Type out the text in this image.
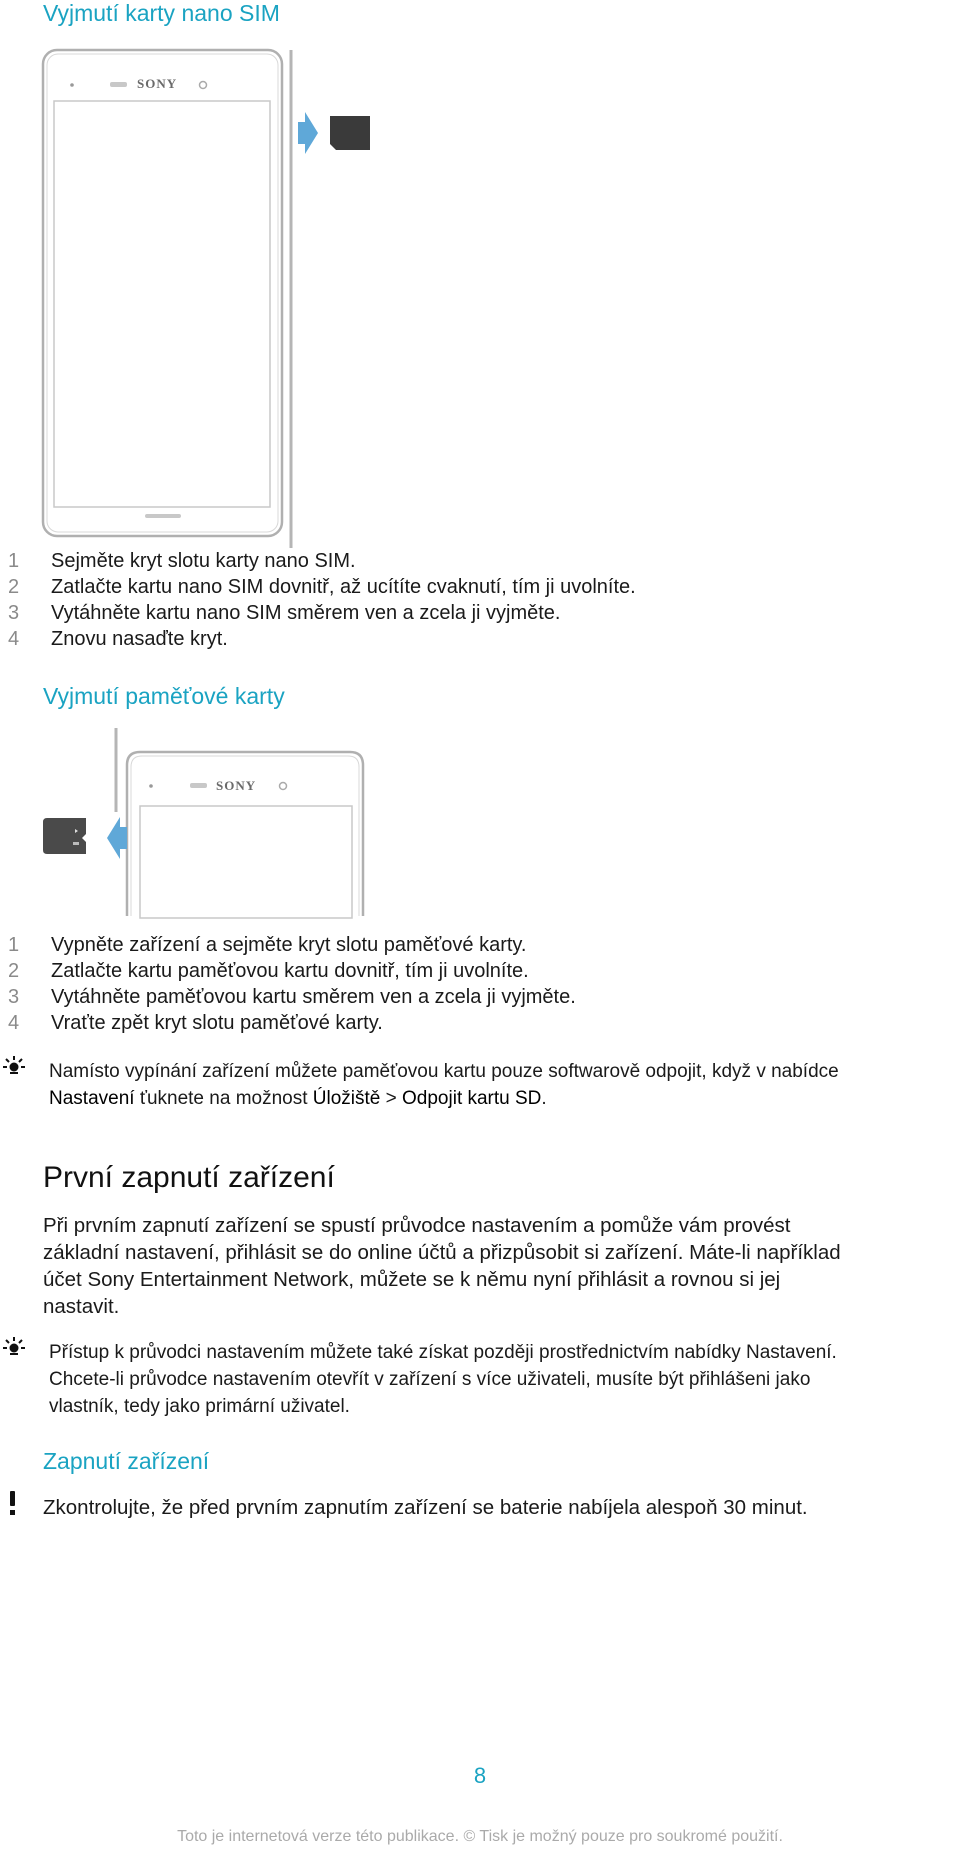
Vyjmutí karty nano SIM
SONY
1	Sejměte kryt slotu karty nano SIM.
2	Zatlačte kartu nano SIM dovnitř, až ucítíte cvaknutí, tím ji uvolníte.
3	Vytáhněte kartu nano SIM směrem ven a zcela ji vyjměte.
4	Znovu nasaďte kryt.
Vyjmutí paměťové karty
SONY
1	Vypněte zařízení a sejměte kryt slotu paměťové karty.
2	Zatlačte kartu paměťovou kartu dovnitř, tím ji uvolníte.
3	Vytáhněte paměťovou kartu směrem ven a zcela ji vyjměte.
4	Vraťte zpět kryt slotu paměťové karty.
Namísto vypínání zařízení můžete paměťovou kartu pouze softwarově odpojit, když v nabídce
Nastavení ťuknete na možnost Úložiště > Odpojit kartu SD.
První zapnutí zařízení
Při prvním zapnutí zařízení se spustí průvodce nastavením a pomůže vám provést
základní nastavení, přihlásit se do online účtů a přizpůsobit si zařízení. Máte-li například
účet Sony Entertainment Network, můžete se k němu nyní přihlásit a rovnou si jej
nastavit.
Přístup k průvodci nastavením můžete také získat později prostřednictvím nabídky Nastavení.
Chcete-li průvodce nastavením otevřít v zařízení s více uživateli, musíte být přihlášeni jako
vlastník, tedy jako primární uživatel.
Zapnutí zařízení
Zkontrolujte, že před prvním zapnutím zařízení se baterie nabíjela alespoň 30 minut.
8
Toto je internetová verze této publikace. © Tisk je možný pouze pro soukromé použití.
